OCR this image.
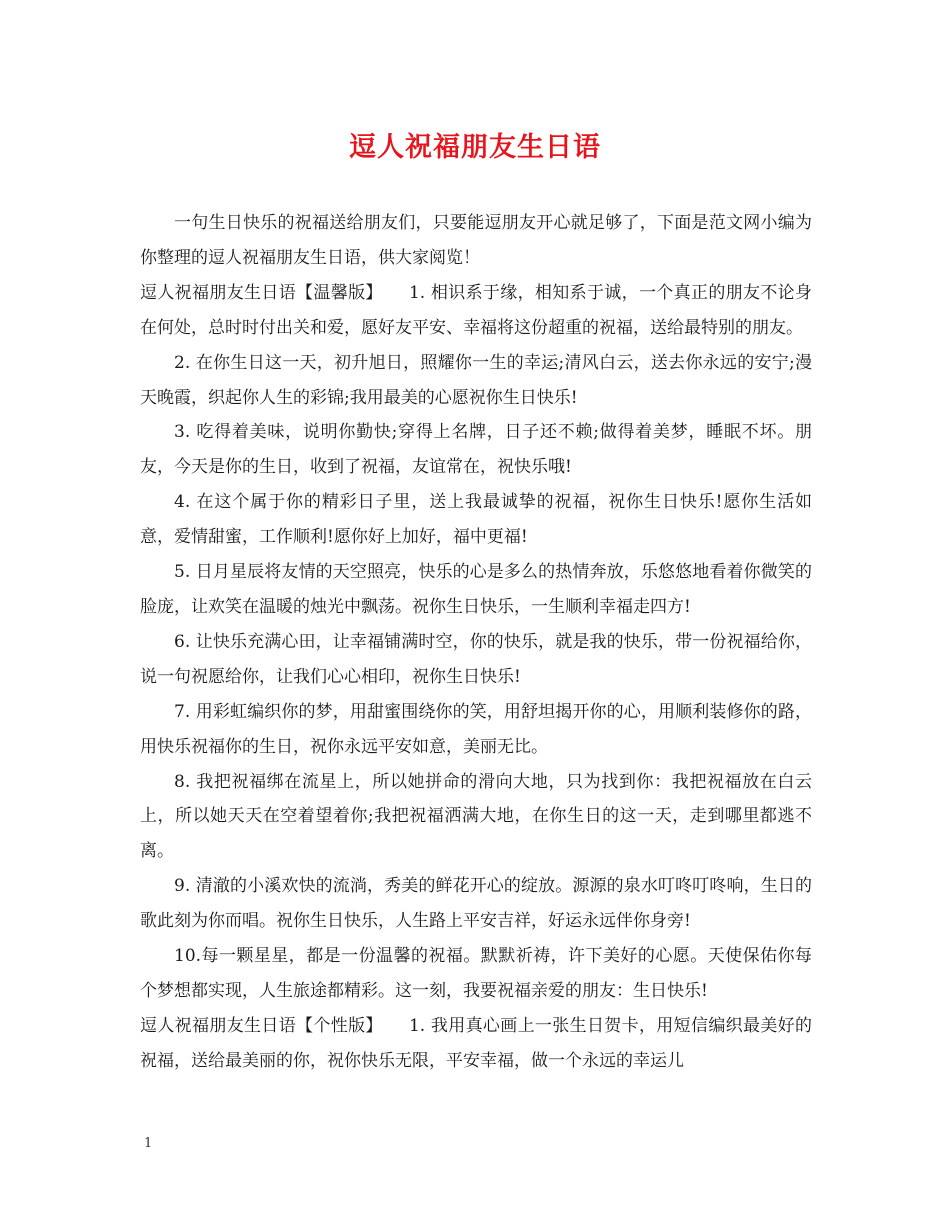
逗人祝福朋友生日语

一句生日快乐的祝福送给朋友们，只要能逗朋友开心就足够了，下面是范文网小编为你整理的逗人祝福朋友生日语，供大家阅览！

逗人祝福朋友生日语【温馨版】　　 1. 相识系于缘，相知系于诚，一个真正的朋友不论身在何处，总时时付出关和爱，愿好友平安、幸福将这份超重的祝福，送给最特别的朋友。

2. 在你生日这一天，初升旭日，照耀你一生的幸运;清风白云，送去你永远的安宁;漫天晚霞，织起你人生的彩锦;我用最美的心愿祝你生日快乐!

3. 吃得着美味，说明你勤快;穿得上名牌，日子还不赖;做得着美梦，睡眠不坏。朋友，今天是你的生日，收到了祝福，友谊常在，祝快乐哦!

4. 在这个属于你的精彩日子里，送上我最诚挚的祝福，祝你生日快乐!愿你生活如意，爱情甜蜜，工作顺利!愿你好上加好，福中更福!

5. 日月星辰将友情的天空照亮，快乐的心是多么的热情奔放，乐悠悠地看着你微笑的脸庞，让欢笑在温暖的烛光中飘荡。祝你生日快乐，一生顺利幸福走四方!

6. 让快乐充满心田，让幸福铺满时空，你的快乐，就是我的快乐，带一份祝福给你，说一句祝愿给你，让我们心心相印，祝你生日快乐!

7. 用彩虹编织你的梦，用甜蜜围绕你的笑，用舒坦揭开你的心，用顺利装修你的路，用快乐祝福你的生日，祝你永远平安如意，美丽无比。

8. 我把祝福绑在流星上，所以她拼命的滑向大地，只为找到你：我把祝福放在白云上，所以她天天在空着望着你;我把祝福洒满大地，在你生日的这一天，走到哪里都逃不离。

9. 清澈的小溪欢快的流淌，秀美的鲜花开心的绽放。源源的泉水叮咚叮咚响，生日的歌此刻为你而唱。祝你生日快乐，人生路上平安吉祥，好运永远伴你身旁!

10.每一颗星星，都是一份温馨的祝福。默默祈祷，许下美好的心愿。天使保佑你每个梦想都实现，人生旅途都精彩。这一刻，我要祝福亲爱的朋友：生日快乐!

逗人祝福朋友生日语【个性版】　　 1. 我用真心画上一张生日贺卡，用短信编织最美好的祝福，送给最美丽的你，祝你快乐无限，平安幸福，做一个永远的幸运儿

1
